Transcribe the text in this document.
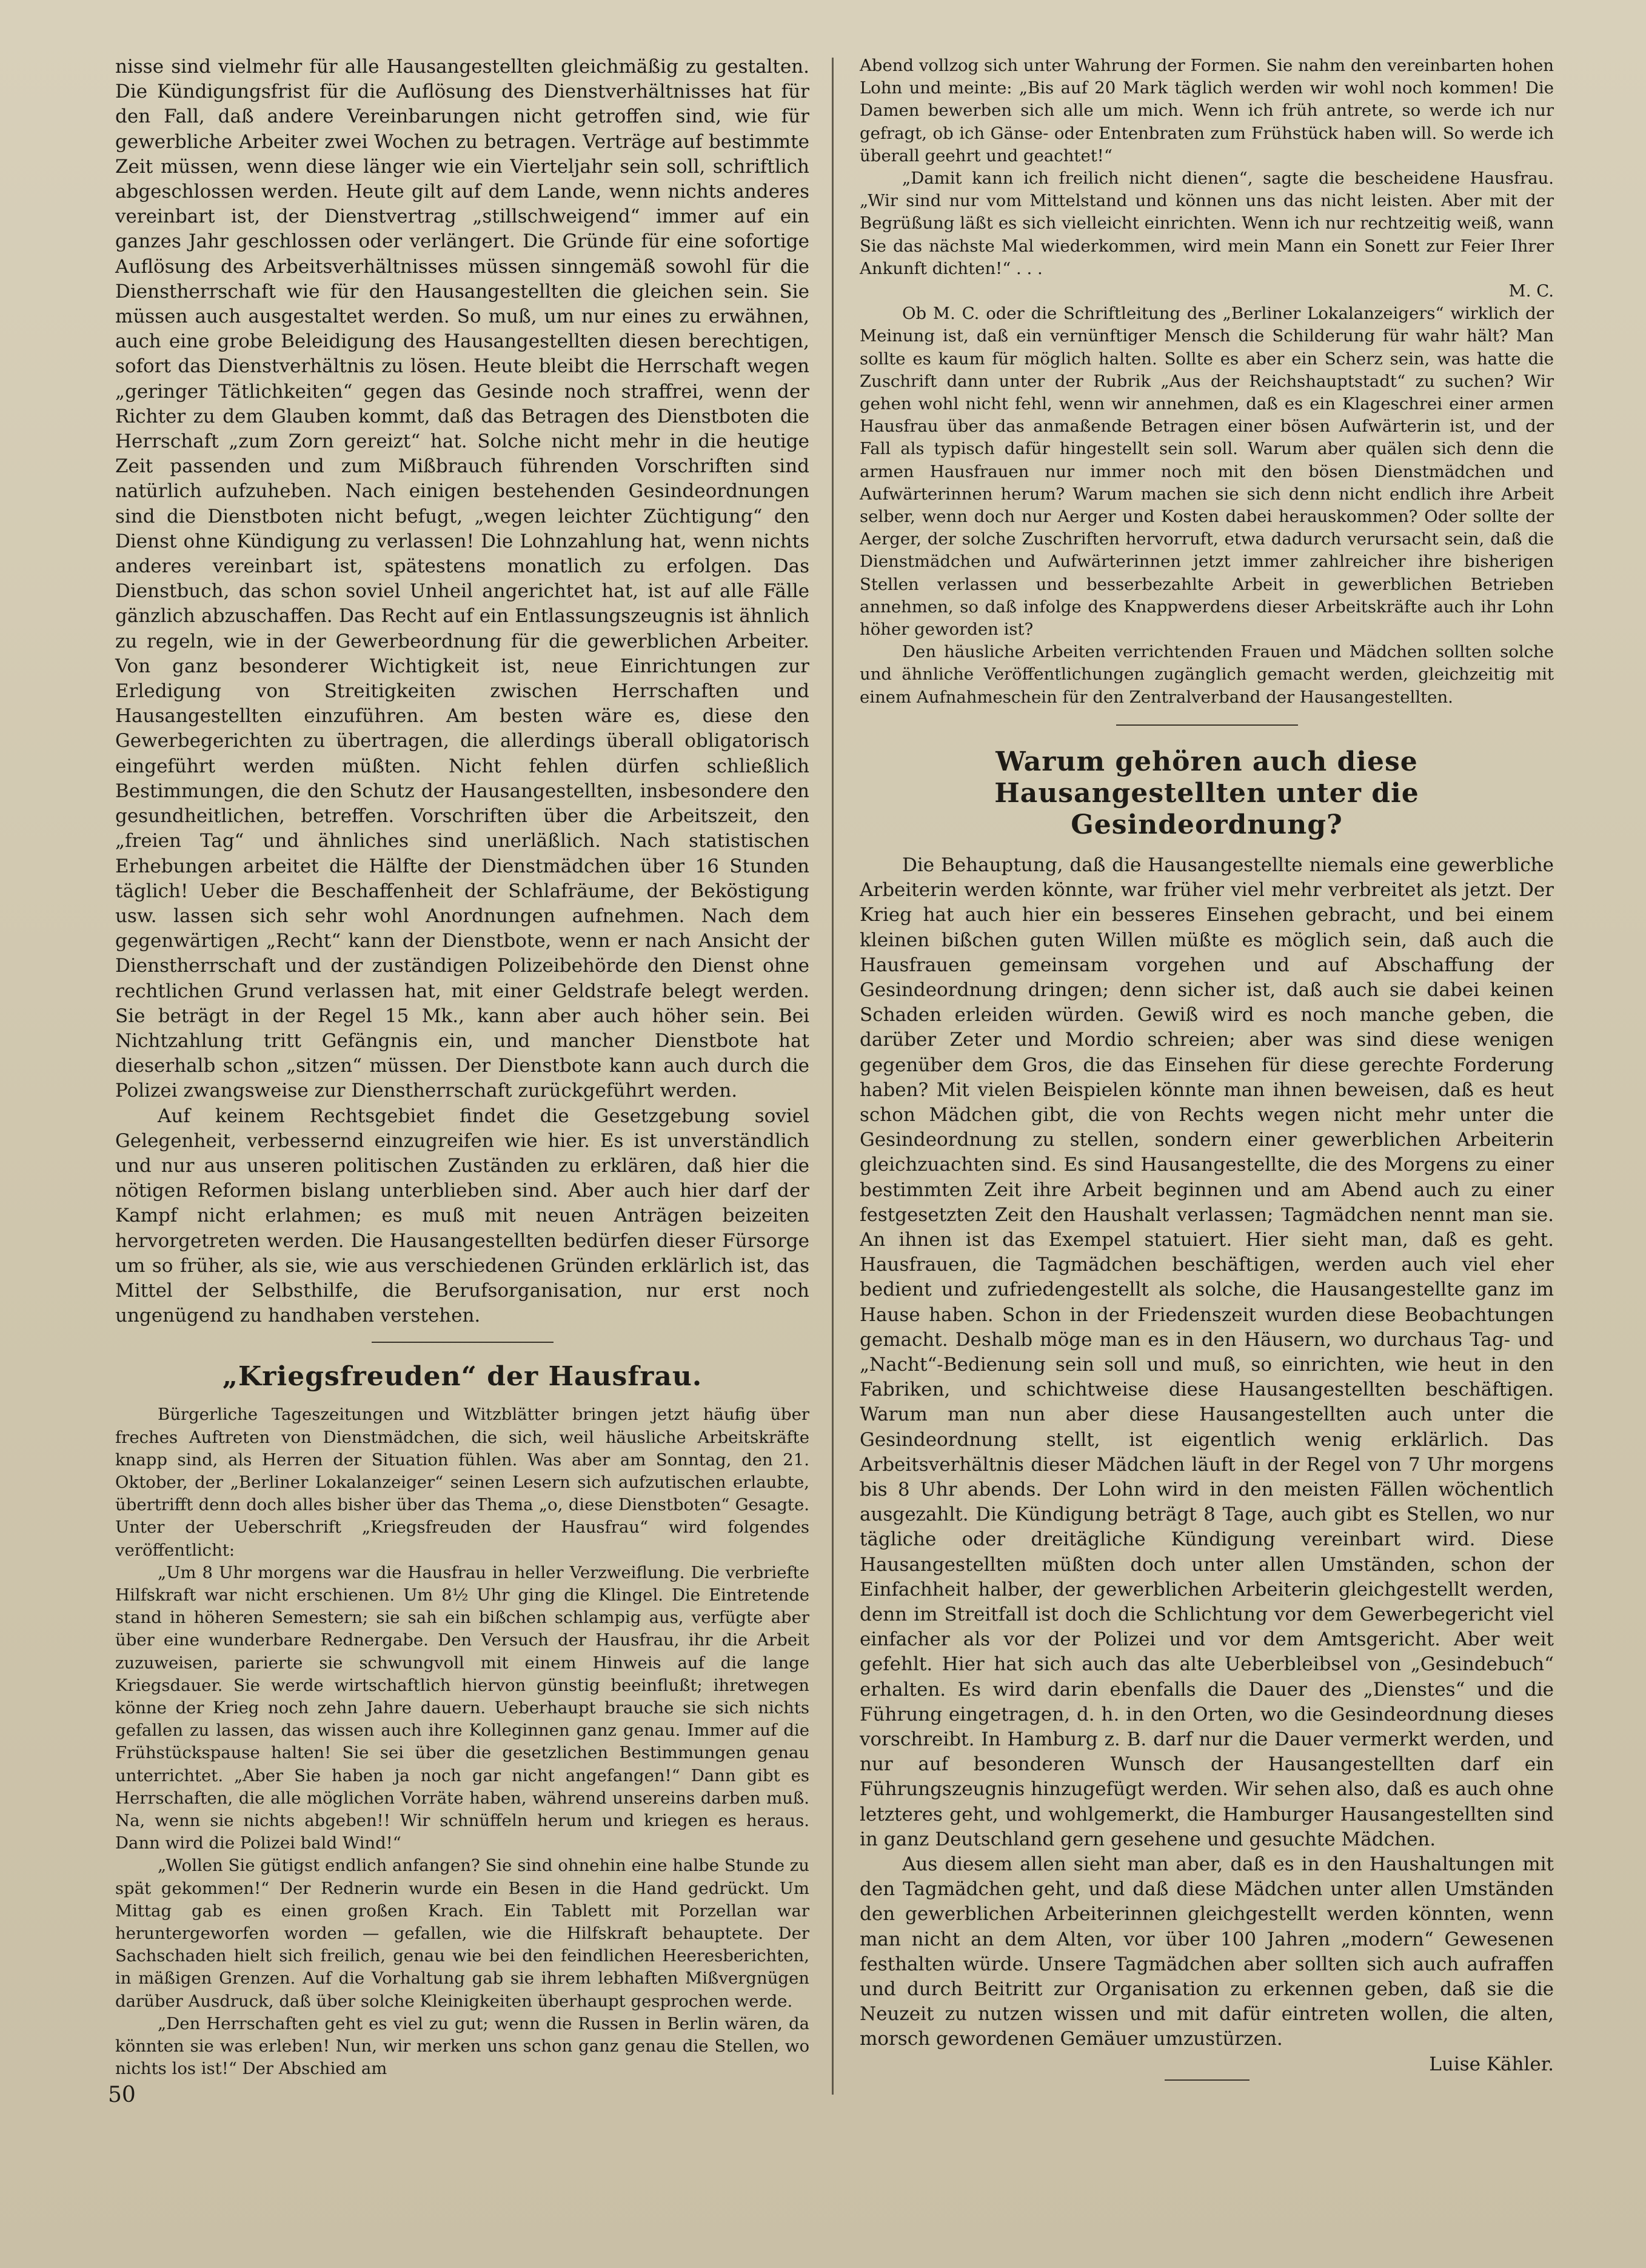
nisse sind vielmehr für alle Hausangestellten gleichmäßig zu gestalten. Die Kündigungsfrist für die Auflösung des Dienstverhältnisses hat für den Fall, daß andere Vereinbarungen nicht getroffen sind, wie für gewerbliche Arbeiter zwei Wochen zu betragen. Verträge auf bestimmte Zeit müssen, wenn diese länger wie ein Vierteljahr sein soll, schriftlich abgeschlossen werden. Heute gilt auf dem Lande, wenn nichts anderes vereinbart ist, der Dienstvertrag „stillschweigend“ immer auf ein ganzes Jahr geschlossen oder verlängert. Die Gründe für eine sofortige Auflösung des Arbeitsverhältnisses müssen sinngemäß sowohl für die Dienstherrschaft wie für den Hausangestellten die gleichen sein. Sie müssen auch ausgestaltet werden. So muß, um nur eines zu erwähnen, auch eine grobe Beleidigung des Hausangestellten diesen berechtigen, sofort das Dienstverhältnis zu lösen. Heute bleibt die Herrschaft wegen „geringer Tätlichkeiten“ gegen das Gesinde noch straffrei, wenn der Richter zu dem Glauben kommt, daß das Betragen des Dienstboten die Herrschaft „zum Zorn gereizt“ hat. Solche nicht mehr in die heutige Zeit passenden und zum Mißbrauch führenden Vorschriften sind natürlich aufzuheben. Nach einigen bestehenden Gesindeordnungen sind die Dienstboten nicht befugt, „wegen leichter Züchtigung“ den Dienst ohne Kündigung zu verlassen! Die Lohnzahlung hat, wenn nichts anderes vereinbart ist, spätestens monatlich zu erfolgen. Das Dienstbuch, das schon soviel Unheil angerichtet hat, ist auf alle Fälle gänzlich abzuschaffen. Das Recht auf ein Entlassungszeugnis ist ähnlich zu regeln, wie in der Gewerbeordnung für die gewerblichen Arbeiter. Von ganz besonderer Wichtigkeit ist, neue Einrichtungen zur Erledigung von Streitigkeiten zwischen Herrschaften und Hausangestellten einzuführen. Am besten wäre es, diese den Gewerbegerichten zu übertragen, die allerdings überall obligatorisch eingeführt werden müßten. Nicht fehlen dürfen schließlich Bestimmungen, die den Schutz der Hausangestellten, insbesondere den gesundheitlichen, betreffen. Vorschriften über die Arbeitszeit, den „freien Tag“ und ähnliches sind unerläßlich. Nach statistischen Erhebungen arbeitet die Hälfte der Dienstmädchen über 16 Stunden täglich! Ueber die Beschaffenheit der Schlafräume, der Beköstigung usw. lassen sich sehr wohl Anordnungen aufnehmen. Nach dem gegenwärtigen „Recht“ kann der Dienstbote, wenn er nach Ansicht der Dienstherrschaft und der zuständigen Polizeibehörde den Dienst ohne rechtlichen Grund verlassen hat, mit einer Geldstrafe belegt werden. Sie beträgt in der Regel 15 Mk., kann aber auch höher sein. Bei Nichtzahlung tritt Gefängnis ein, und mancher Dienstbote hat dieserhalb schon „sitzen“ müssen. Der Dienstbote kann auch durch die Polizei zwangsweise zur Dienstherrschaft zurückgeführt werden.

Auf keinem Rechtsgebiet findet die Gesetzgebung soviel Gelegenheit, verbessernd einzugreifen wie hier. Es ist unverständlich und nur aus unseren politischen Zuständen zu erklären, daß hier die nötigen Reformen bislang unterblieben sind. Aber auch hier darf der Kampf nicht erlahmen; es muß mit neuen Anträgen beizeiten hervorgetreten werden. Die Hausangestellten bedürfen dieser Fürsorge um so früher, als sie, wie aus verschiedenen Gründen erklärlich ist, das Mittel der Selbsthilfe, die Berufsorganisation, nur erst noch ungenügend zu handhaben verstehen.

„Kriegsfreuden“ der Hausfrau.

Bürgerliche Tageszeitungen und Witzblätter bringen jetzt häufig über freches Auftreten von Dienstmädchen, die sich, weil häusliche Arbeitskräfte knapp sind, als Herren der Situation fühlen. Was aber am Sonntag, den 21. Oktober, der „Berliner Lokalanzeiger“ seinen Lesern sich aufzutischen erlaubte, übertrifft denn doch alles bisher über das Thema „o, diese Dienstboten“ Gesagte. Unter der Ueberschrift „Kriegsfreuden der Hausfrau“ wird folgendes veröffentlicht:

„Um 8 Uhr morgens war die Hausfrau in heller Verzweiflung. Die verbriefte Hilfskraft war nicht erschienen. Um 8½ Uhr ging die Klingel. Die Eintretende stand in höheren Semestern; sie sah ein bißchen schlampig aus, verfügte aber über eine wunderbare Rednergabe. Den Versuch der Hausfrau, ihr die Arbeit zuzuweisen, parierte sie schwungvoll mit einem Hinweis auf die lange Kriegsdauer. Sie werde wirtschaftlich hiervon günstig beeinflußt; ihretwegen könne der Krieg noch zehn Jahre dauern. Ueberhaupt brauche sie sich nichts gefallen zu lassen, das wissen auch ihre Kolleginnen ganz genau. Immer auf die Frühstückspause halten! Sie sei über die gesetzlichen Bestimmungen genau unterrichtet. „Aber Sie haben ja noch gar nicht angefangen!“ Dann gibt es Herrschaften, die alle möglichen Vorräte haben, während unsereins darben muß. Na, wenn sie nichts abgeben!! Wir schnüffeln herum und kriegen es heraus. Dann wird die Polizei bald Wind!“

„Wollen Sie gütigst endlich anfangen? Sie sind ohnehin eine halbe Stunde zu spät gekommen!“ Der Rednerin wurde ein Besen in die Hand gedrückt. Um Mittag gab es einen großen Krach. Ein Tablett mit Porzellan war heruntergeworfen worden — gefallen, wie die Hilfskraft behauptete. Der Sachschaden hielt sich freilich, genau wie bei den feindlichen Heeresberichten, in mäßigen Grenzen. Auf die Vorhaltung gab sie ihrem lebhaften Mißvergnügen darüber Ausdruck, daß über solche Kleinigkeiten überhaupt gesprochen werde.

„Den Herrschaften geht es viel zu gut; wenn die Russen in Berlin wären, da könnten sie was erleben! Nun, wir merken uns schon ganz genau die Stellen, wo nichts los ist!“ Der Abschied am

Abend vollzog sich unter Wahrung der Formen. Sie nahm den vereinbarten hohen Lohn und meinte: „Bis auf 20 Mark täglich werden wir wohl noch kommen! Die Damen bewerben sich alle um mich. Wenn ich früh antrete, so werde ich nur gefragt, ob ich Gänse- oder Entenbraten zum Frühstück haben will. So werde ich überall geehrt und geachtet!“

„Damit kann ich freilich nicht dienen“, sagte die bescheidene Hausfrau. „Wir sind nur vom Mittelstand und können uns das nicht leisten. Aber mit der Begrüßung läßt es sich vielleicht einrichten. Wenn ich nur rechtzeitig weiß, wann Sie das nächste Mal wiederkommen, wird mein Mann ein Sonett zur Feier Ihrer Ankunft dichten!“ . . .

M. C.

Ob M. C. oder die Schriftleitung des „Berliner Lokalanzeigers“ wirklich der Meinung ist, daß ein vernünftiger Mensch die Schilderung für wahr hält? Man sollte es kaum für möglich halten. Sollte es aber ein Scherz sein, was hatte die Zuschrift dann unter der Rubrik „Aus der Reichshauptstadt“ zu suchen? Wir gehen wohl nicht fehl, wenn wir annehmen, daß es ein Klageschrei einer armen Hausfrau über das anmaßende Betragen einer bösen Aufwärterin ist, und der Fall als typisch dafür hingestellt sein soll. Warum aber quälen sich denn die armen Hausfrauen nur immer noch mit den bösen Dienstmädchen und Aufwärterinnen herum? Warum machen sie sich denn nicht endlich ihre Arbeit selber, wenn doch nur Aerger und Kosten dabei herauskommen? Oder sollte der Aerger, der solche Zuschriften hervorruft, etwa dadurch verursacht sein, daß die Dienstmädchen und Aufwärterinnen jetzt immer zahlreicher ihre bisherigen Stellen verlassen und besserbezahlte Arbeit in gewerblichen Betrieben annehmen, so daß infolge des Knappwerdens dieser Arbeitskräfte auch ihr Lohn höher geworden ist?

Den häusliche Arbeiten verrichtenden Frauen und Mädchen sollten solche und ähnliche Veröffentlichungen zugänglich gemacht werden, gleichzeitig mit einem Aufnahmeschein für den Zentralverband der Hausangestellten.

Warum gehören auch diese Hausangestellten unter die Gesindeordnung?

Die Behauptung, daß die Hausangestellte niemals eine gewerbliche Arbeiterin werden könnte, war früher viel mehr verbreitet als jetzt. Der Krieg hat auch hier ein besseres Einsehen gebracht, und bei einem kleinen bißchen guten Willen müßte es möglich sein, daß auch die Hausfrauen gemeinsam vorgehen und auf Abschaffung der Gesindeordnung dringen; denn sicher ist, daß auch sie dabei keinen Schaden erleiden würden. Gewiß wird es noch manche geben, die darüber Zeter und Mordio schreien; aber was sind diese wenigen gegenüber dem Gros, die das Einsehen für diese gerechte Forderung haben? Mit vielen Beispielen könnte man ihnen beweisen, daß es heut schon Mädchen gibt, die von Rechts wegen nicht mehr unter die Gesindeordnung zu stellen, sondern einer gewerblichen Arbeiterin gleichzuachten sind. Es sind Hausangestellte, die des Morgens zu einer bestimmten Zeit ihre Arbeit beginnen und am Abend auch zu einer festgesetzten Zeit den Haushalt verlassen; Tagmädchen nennt man sie. An ihnen ist das Exempel statuiert. Hier sieht man, daß es geht. Hausfrauen, die Tagmädchen beschäftigen, werden auch viel eher bedient und zufriedengestellt als solche, die Hausangestellte ganz im Hause haben. Schon in der Friedenszeit wurden diese Beobachtungen gemacht. Deshalb möge man es in den Häusern, wo durchaus Tag- und „Nacht“-Bedienung sein soll und muß, so einrichten, wie heut in den Fabriken, und schichtweise diese Hausangestellten beschäftigen. Warum man nun aber diese Hausangestellten auch unter die Gesindeordnung stellt, ist eigentlich wenig erklärlich. Das Arbeitsverhältnis dieser Mädchen läuft in der Regel von 7 Uhr morgens bis 8 Uhr abends. Der Lohn wird in den meisten Fällen wöchentlich ausgezahlt. Die Kündigung beträgt 8 Tage, auch gibt es Stellen, wo nur tägliche oder dreitägliche Kündigung vereinbart wird. Diese Hausangestellten müßten doch unter allen Umständen, schon der Einfachheit halber, der gewerblichen Arbeiterin gleichgestellt werden, denn im Streitfall ist doch die Schlichtung vor dem Gewerbegericht viel einfacher als vor der Polizei und vor dem Amtsgericht. Aber weit gefehlt. Hier hat sich auch das alte Ueberbleibsel von „Gesindebuch“ erhalten. Es wird darin ebenfalls die Dauer des „Dienstes“ und die Führung eingetragen, d. h. in den Orten, wo die Gesindeordnung dieses vorschreibt. In Hamburg z. B. darf nur die Dauer vermerkt werden, und nur auf besonderen Wunsch der Hausangestellten darf ein Führungszeugnis hinzugefügt werden. Wir sehen also, daß es auch ohne letzteres geht, und wohlgemerkt, die Hamburger Hausangestellten sind in ganz Deutschland gern gesehene und gesuchte Mädchen.

Aus diesem allen sieht man aber, daß es in den Haushaltungen mit den Tagmädchen geht, und daß diese Mädchen unter allen Umständen den gewerblichen Arbeiterinnen gleichgestellt werden könnten, wenn man nicht an dem Alten, vor über 100 Jahren „modern“ Gewesenen festhalten würde. Unsere Tagmädchen aber sollten sich auch aufraffen und durch Beitritt zur Organisation zu erkennen geben, daß sie die Neuzeit zu nutzen wissen und mit dafür eintreten wollen, die alten, morsch gewordenen Gemäuer umzustürzen.

Luise Kähler.

50
